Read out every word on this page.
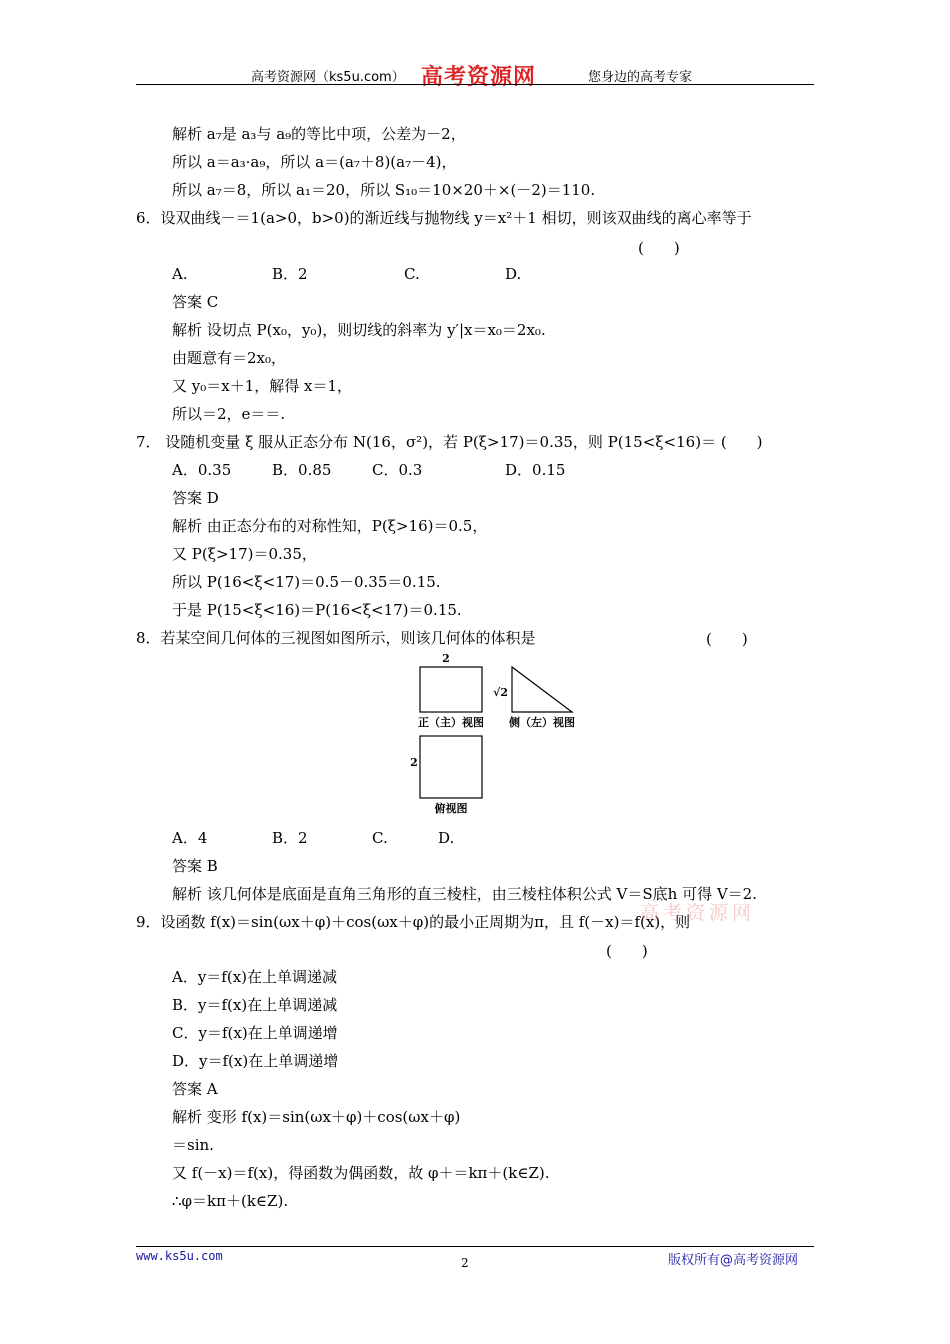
高考资源网（ks5u.com） 高考资源网	您身边的高考专家
解析 a₇是 a₃与 a₉的等比中项，公差为－2，
所以 a＝a₃·a₉，所以 a＝(a₇＋8)(a₇－4)，
所以 a₇＝8，所以 a₁＝20，所以 S₁₀＝10×20＋×(－2)＝110.
6．设双曲线－＝1(a>0，b>0)的渐近线与抛物线 y＝x²＋1 相切，则该双曲线的离心率等于
(　　)
A.	B．2	C.	D.
答案 C
解析 设切点 P(x₀，y₀)，则切线的斜率为 y′|x＝x₀＝2x₀.
由题意有＝2x₀，
又 y₀＝x＋1，解得 x＝1，
所以＝2，e＝＝.
7． 设随机变量 ξ 服从正态分布 N(16，σ²)，若 P(ξ>17)＝0.35，则 P(15<ξ<16)＝ (　　)
A．0.35	B．0.85	C．0.3	D．0.15
答案 D
解析 由正态分布的对称性知，P(ξ>16)＝0.5，
又 P(ξ>17)＝0.35，
所以 P(16<ξ<17)＝0.5－0.35＝0.15.
于是 P(15<ξ<16)＝P(16<ξ<17)＝0.15.
8．若某空间几何体的三视图如图所示，则该几何体的体积是	(　　)
2
√2
正（主）视图 侧（左）视图
2
俯视图
A．4	B．2	C.	D.
答案 B
解析 该几何体是底面是直角三角形的直三棱柱，由三棱柱体积公式 V＝S底h 可得 V＝2.
高考资源网
9．设函数 f(x)＝sin(ωx＋φ)＋cos(ωx＋φ)的最小正周期为π，且 f(－x)＝f(x)，则
(　　)
A．y＝f(x)在上单调递减
B．y＝f(x)在上单调递减
C．y＝f(x)在上单调递增
D．y＝f(x)在上单调递增
答案 A
解析 变形 f(x)＝sin(ωx＋φ)＋cos(ωx＋φ)
＝sin.
又 f(－x)＝f(x)，得函数为偶函数，故 φ＋＝kπ＋(k∈Z).
∴φ＝kπ＋(k∈Z).
www.ks5u.com	2	版权所有@高考资源网
